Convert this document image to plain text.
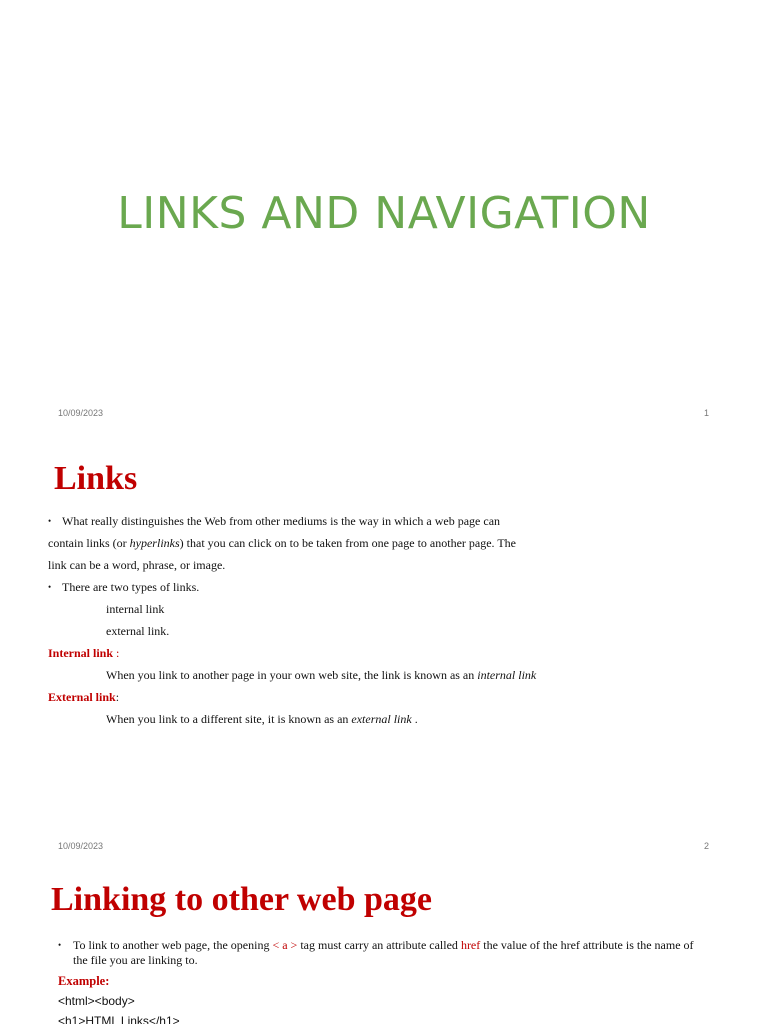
LINKS AND NAVIGATION
10/09/2023	1
Links

• What really distinguishes the Web from other mediums is the way in which a web page can

contain links (or hyperlinks) that you can click on to be taken from one page to another page. The

link can be a word, phrase, or image.

• There are two types of links.

internal link

external link.

Internal link :

When you link to another page in your own web site, the link is known as an internal link

External link:

When you link to a different site, it is known as an external link .

10/09/2023	2
Linking to other web page
• To link to another web page, the opening < a > tag must carry an attribute called href the value of the href attribute is the name of the file you are linking to.

Example:

<html><body>

<h1>HTML Links</h1>
